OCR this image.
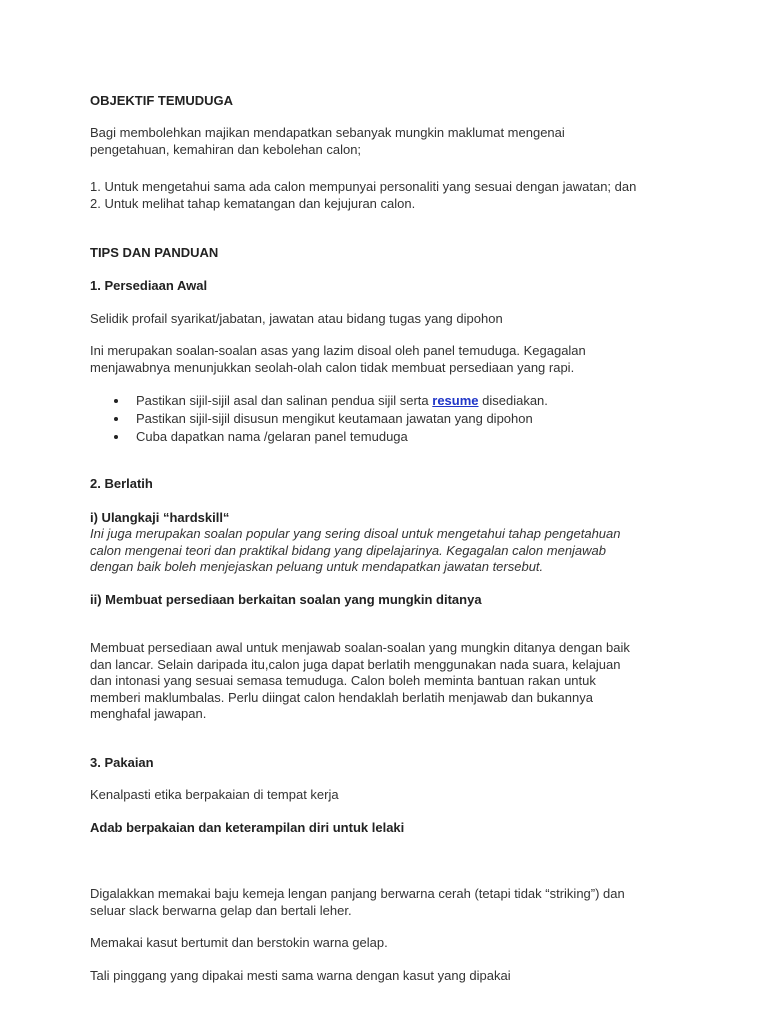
OBJEKTIF TEMUDUGA
Bagi membolehkan majikan mendapatkan sebanyak mungkin maklumat mengenai
pengetahuan, kemahiran dan kebolehan calon;
1. Untuk mengetahui sama ada calon mempunyai personaliti yang sesuai dengan jawatan; dan
2. Untuk melihat tahap kematangan dan kejujuran calon.
TIPS DAN PANDUAN
1. Persediaan Awal
Selidik profail syarikat/jabatan, jawatan atau bidang tugas yang dipohon
Ini merupakan soalan-soalan asas yang lazim disoal oleh panel temuduga. Kegagalan
menjawabnya menunjukkan seolah-olah calon tidak membuat persediaan yang rapi.
Pastikan sijil-sijil asal dan salinan pendua sijil serta resume disediakan.
Pastikan sijil-sijil disusun mengikut keutamaan jawatan yang dipohon
Cuba dapatkan nama /gelaran panel temuduga
2. Berlatih
i) Ulangkaji “hardskill“
Ini juga merupakan soalan popular yang sering disoal untuk mengetahui tahap pengetahuan
calon mengenai teori dan praktikal bidang yang dipelajarinya. Kegagalan calon menjawab
dengan baik boleh menjejaskan peluang untuk mendapatkan jawatan tersebut.
ii) Membuat persediaan berkaitan soalan yang mungkin ditanya
Membuat persediaan awal untuk menjawab soalan-soalan yang mungkin ditanya dengan baik
dan lancar. Selain daripada itu,calon juga dapat berlatih menggunakan nada suara, kelajuan
dan intonasi yang sesuai semasa temuduga. Calon boleh meminta bantuan rakan untuk
memberi maklumbalas. Perlu diingat calon hendaklah berlatih menjawab dan bukannya
menghafal jawapan.
3. Pakaian
Kenalpasti etika berpakaian di tempat kerja
Adab berpakaian dan keterampilan diri untuk lelaki
Digalakkan memakai baju kemeja lengan panjang berwarna cerah (tetapi tidak “striking”) dan
seluar slack berwarna gelap dan bertali leher.
Memakai kasut bertumit dan berstokin warna gelap.
Tali pinggang yang dipakai mesti sama warna dengan kasut yang dipakai
